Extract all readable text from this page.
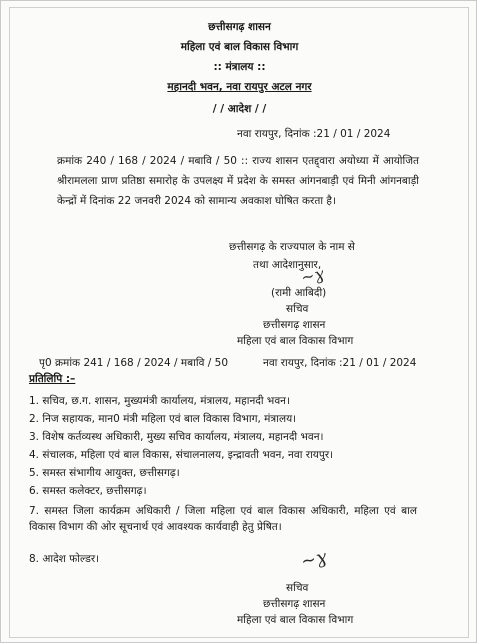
छत्तीसगढ़ शासन
महिला एवं बाल विकास विभाग
:: मंत्रालय ::
महानदी भवन, नवा रायपुर अटल नगर
/ / आदेश / /
नवा रायपुर, दिनांक :21 / 01 / 2024
क्रमांक 240 / 168 / 2024 / मबावि / 50 :: राज्य शासन एतद्द्वारा अयोध्या में आयोजित श्रीरामलला प्राण प्रतिष्ठा समारोह के उपलक्ष्य में प्रदेश के समस्त आंगनबाड़ी एवं मिनी आंगनबाड़ी केन्द्रों में दिनांक 22 जनवरी 2024 को सामान्य अवकाश घोषित करता है।
छत्तीसगढ़ के राज्यपाल के नाम से
तथा आदेशानुसार,
~ɣ
(रामी आबिदी)
सचिव
छत्तीसगढ़ शासन
महिला एवं बाल विकास विभाग
पृ0 क्रमांक 241 / 168 / 2024 / मबावि / 50	नवा रायपुर, दिनांक :21 / 01 / 2024
प्रतिलिपि :–
1. सचिव, छ.ग. शासन, मुख्यमंत्री कार्यालय, मंत्रालय, महानदी भवन।
2. निज सहायक, मान0 मंत्री महिला एवं बाल विकास विभाग, मंत्रालय।
3. विशेष कर्तव्यस्थ अधिकारी, मुख्य सचिव कार्यालय, मंत्रालय, महानदी भवन।
4. संचालक, महिला एवं बाल विकास, संचालनालय, इन्द्रावती भवन, नवा रायपुर।
5. समस्त संभागीय आयुक्त, छत्तीसगढ़।
6. समस्त कलेक्टर, छत्तीसगढ़।
7. समस्त जिला कार्यक्रम अधिकारी / जिला महिला एवं बाल विकास अधिकारी, महिला एवं बाल विकास विभाग की ओर सूचनार्थ एवं आवश्यक कार्यवाही हेतु प्रेषित।
8. आदेश फोल्डर।	~ɣ
सचिव
छत्तीसगढ़ शासन
महिला एवं बाल विकास विभाग
